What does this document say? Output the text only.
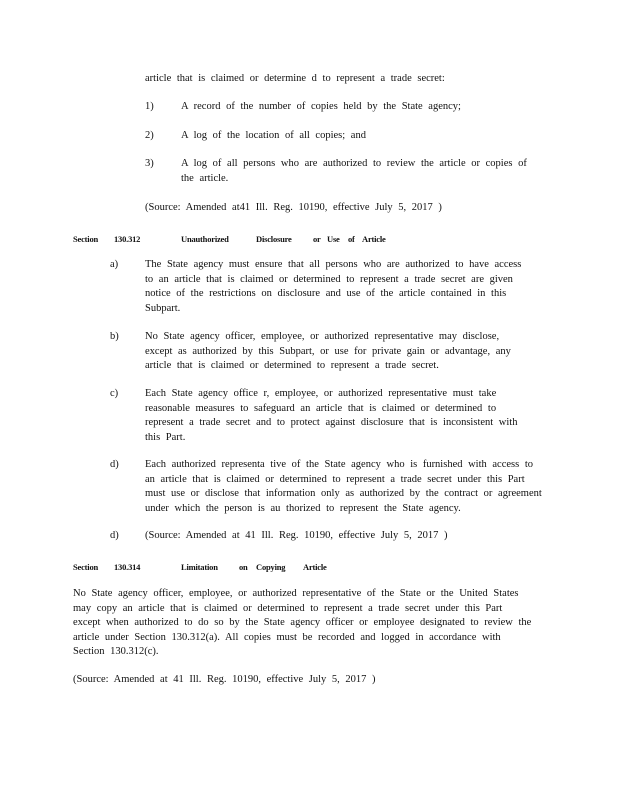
article that is claimed or determine d to represent a trade secret:
1)	A record of the number of copies held by the State agency;
2)	A log of the location of all copies; and
3)	A log of all persons who are authorized to review the article or copies of the article.
(Source: Amended at41 Ill. Reg. 10190, effective July 5, 2017 )
Section 130.312	Unauthorized	Disclosure	or Use of Article
a)	The State agency must ensure that all persons who are authorized to have access to an article that is claimed or determined to represent a trade secret are given notice of the restrictions on disclosure and use of the article contained in this Subpart.
b)	No State agency officer, employee, or authorized representative may disclose, except as authorized by this Subpart, or use for private gain or advantage, any article that is claimed or determined to represent a trade secret.
c)	Each State agency office r, employee, or authorized representative must take reasonable measures to safeguard an article that is claimed or determined to represent a trade secret and to protect against disclosure that is inconsistent with this Part.
d)	Each authorized representa tive of the State agency who is furnished with access to an article that is claimed or determined to represent a trade secret under this Part must use or disclose that information only as authorized by the contract or agreement under which the person is au thorized to represent the State agency.
d)	(Source: Amended at 41 Ill. Reg. 10190, effective July 5, 2017 )
Section 130.314	Limitation	on Copying Article
No State agency officer, employee, or authorized representative of the State or the United States may copy an article that is claimed or determined to represent a trade secret under this Part except when authorized to do so by the State agency officer or employee designated to review the article under Section 130.312(a). All copies must be recorded and logged in accordance with Section 130.312(c).
(Source: Amended at 41 Ill. Reg. 10190, effective July 5, 2017 )
